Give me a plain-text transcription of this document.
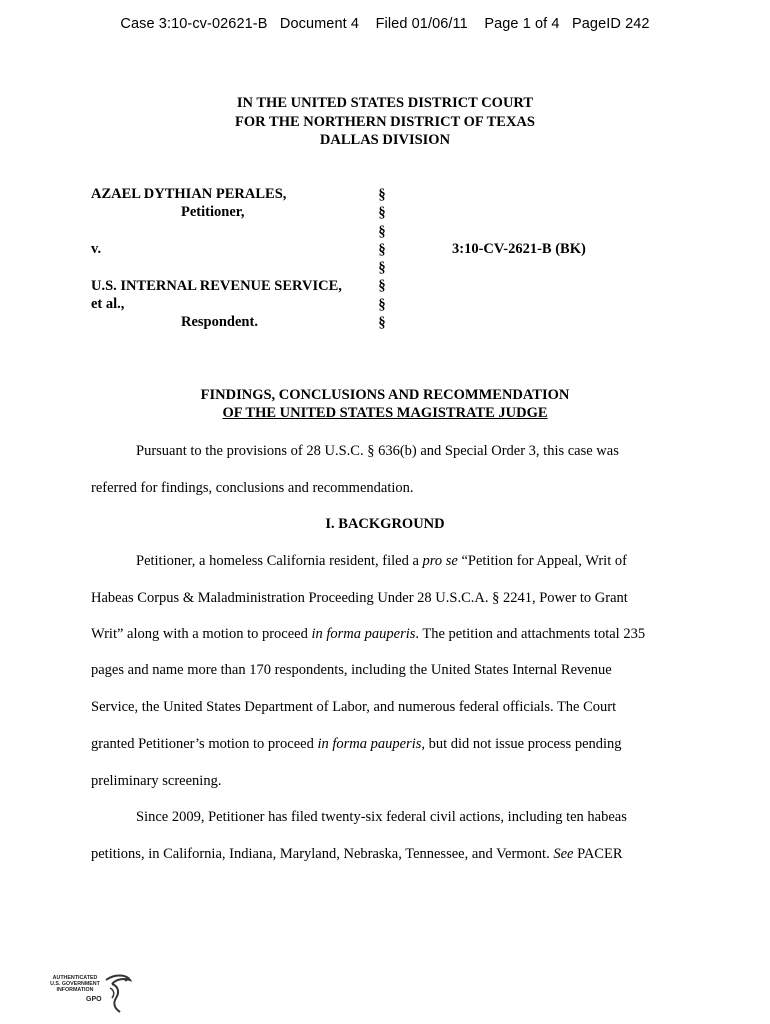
Case 3:10-cv-02621-B Document 4 Filed 01/06/11 Page 1 of 4 PageID 242
IN THE UNITED STATES DISTRICT COURT
FOR THE NORTHERN DISTRICT OF TEXAS
DALLAS DIVISION
AZAEL DYTHIAN PERALES,
Petitioner,
v.
U.S. INTERNAL REVENUE SERVICE,
et al.,
Respondent.
§
§
§
§
§
§
§
§
3:10-CV-2621-B (BK)
FINDINGS, CONCLUSIONS AND RECOMMENDATION
OF THE UNITED STATES MAGISTRATE JUDGE
Pursuant to the provisions of 28 U.S.C. § 636(b) and Special Order 3, this case was
referred for findings, conclusions and recommendation.
I. BACKGROUND
Petitioner, a homeless California resident, filed a pro se “Petition for Appeal, Writ of
Habeas Corpus & Maladministration Proceeding Under 28 U.S.C.A. § 2241, Power to Grant
Writ” along with a motion to proceed in forma pauperis. The petition and attachments total 235
pages and name more than 170 respondents, including the United States Internal Revenue
Service, the United States Department of Labor, and numerous federal officials. The Court
granted Petitioner’s motion to proceed in forma pauperis, but did not issue process pending
preliminary screening.
Since 2009, Petitioner has filed twenty-six federal civil actions, including ten habeas
petitions, in California, Indiana, Maryland, Nebraska, Tennessee, and Vermont. See PACER
AUTHENTICATED
U.S. GOVERNMENT
INFORMATION
GPO
